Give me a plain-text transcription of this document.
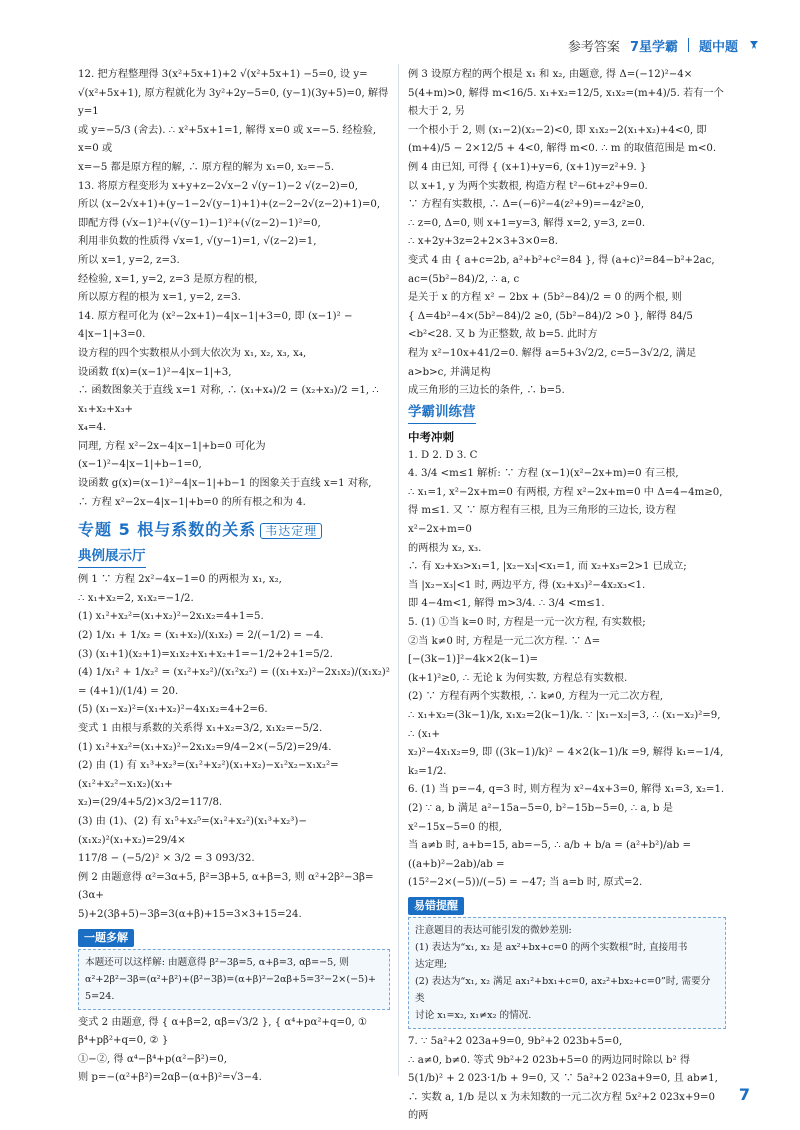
参考答案 7星学霸 题中题

12. 把方程整理得 3(x²+5x+1)+2 √(x²+5x+1) −5=0, 设 y=

√(x²+5x+1), 原方程就化为 3y²+2y−5=0, (y−1)(3y+5)=0, 解得 y=1

或 y=−5/3 (舍去). ∴ x²+5x+1=1, 解得 x=0 或 x=−5. 经检验, x=0 或

x=−5 都是原方程的解, ∴ 原方程的解为 x₁=0, x₂=−5.

13. 将原方程变形为 x+y+z−2√x−2 √(y−1)−2 √(z−2)=0,

所以 (x−2√x+1)+(y−1−2√(y−1)+1)+(z−2−2√(z−2)+1)=0,

即配方得 (√x−1)²+(√(y−1)−1)²+(√(z−2)−1)²=0,

利用非负数的性质得 √x=1, √(y−1)=1, √(z−2)=1,

所以 x=1, y=2, z=3.

经检验, x=1, y=2, z=3 是原方程的根,

所以原方程的根为 x=1, y=2, z=3.

14. 原方程可化为 (x²−2x+1)−4|x−1|+3=0, 即 (x−1)² −

4|x−1|+3=0.

设方程的四个实数根从小到大依次为 x₁, x₂, x₃, x₄,

设函数 f(x)=(x−1)²−4|x−1|+3,

∴ 函数图象关于直线 x=1 对称, ∴ (x₁+x₄)/2 = (x₂+x₃)/2 =1, ∴ x₁+x₂+x₃+

x₄=4.

同理, 方程 x²−2x−4|x−1|+b=0 可化为 (x−1)²−4|x−1|+b−1=0,

设函数 g(x)=(x−1)²−4|x−1|+b−1 的图象关于直线 x=1 对称,

∴ 方程 x²−2x−4|x−1|+b=0 的所有根之和为 4.

专题 5 根与系数的关系 韦达定理
典例展示厅

例 1 ∵ 方程 2x²−4x−1=0 的两根为 x₁, x₂,

∴ x₁+x₂=2, x₁x₂=−1/2.

(1) x₁²+x₂²=(x₁+x₂)²−2x₁x₂=4+1=5.

(2) 1/x₁ + 1/x₂ = (x₁+x₂)/(x₁x₂) = 2/(−1/2) = −4.

(3) (x₁+1)(x₂+1)=x₁x₂+x₁+x₂+1=−1/2+2+1=5/2.

(4) 1/x₁² + 1/x₂² = (x₁²+x₂²)/(x₁²x₂²) = ((x₁+x₂)²−2x₁x₂)/(x₁x₂)² = (4+1)/(1/4) = 20.

(5) (x₁−x₂)²=(x₁+x₂)²−4x₁x₂=4+2=6.

变式 1 由根与系数的关系得 x₁+x₂=3/2, x₁x₂=−5/2.

(1) x₁²+x₂²=(x₁+x₂)²−2x₁x₂=9/4−2×(−5/2)=29/4.

(2) 由 (1) 有 x₁³+x₂³=(x₁²+x₂²)(x₁+x₂)−x₁²x₂−x₁x₂²=(x₁²+x₂²−x₁x₂)(x₁+

x₂)=(29/4+5/2)×3/2=117/8.

(3) 由 (1)、(2) 有 x₁⁵+x₂⁵=(x₁²+x₂²)(x₁³+x₂³)−(x₁x₂)²(x₁+x₂)=29/4×

117/8 − (−5/2)² × 3/2 = 3 093/32.

例 2 由题意得 α²=3α+5, β²=3β+5, α+β=3, 则 α²+2β²−3β=(3α+

5)+2(3β+5)−3β=3(α+β)+15=3×3+15=24.

一题多解

本题还可以这样解: 由题意得 β²−3β=5, α+β=3, αβ=−5, 则

α²+2β²−3β=(α²+β²)+(β²−3β)=(α+β)²−2αβ+5=3²−2×(−5)+

5=24.

变式 2 由题意, 得 { α+β=2, αβ=√3/2 }, { α⁴+pα²+q=0, ① β⁴+pβ²+q=0, ② }

①−②, 得 α⁴−β⁴+p(α²−β²)=0,

则 p=−(α²+β²)=2αβ−(α+β)²=√3−4.

例 3 设原方程的两个根是 x₁ 和 x₂, 由题意, 得 Δ=(−12)²−4×

5(4+m)>0, 解得 m<16/5. x₁+x₂=12/5, x₁x₂=(m+4)/5. 若有一个根大于 2, 另

一个根小于 2, 则 (x₁−2)(x₂−2)<0, 即 x₁x₂−2(x₁+x₂)+4<0, 即

(m+4)/5 − 2×12/5 + 4<0, 解得 m<0. ∴ m 的取值范围是 m<0.

例 4 由已知, 可得 { (x+1)+y=6, (x+1)y=z²+9. }

以 x+1, y 为两个实数根, 构造方程 t²−6t+z²+9=0.

∵ 方程有实数根, ∴ Δ=(−6)²−4(z²+9)=−4z²≥0,

∴ z=0, Δ=0, 则 x+1=y=3, 解得 x=2, y=3, z=0.

∴ x+2y+3z=2+2×3+3×0=8.

变式 4 由 { a+c=2b, a²+b²+c²=84 }, 得 (a+c)²=84−b²+2ac, ac=(5b²−84)/2, ∴ a, c

是关于 x 的方程 x² − 2bx + (5b²−84)/2 = 0 的两个根, 则

{ Δ=4b²−4×(5b²−84)/2 ≥0, (5b²−84)/2 >0 }, 解得 84/5 <b²<28. 又 b 为正整数, 故 b=5. 此时方

程为 x²−10x+41/2=0. 解得 a=5+3√2/2, c=5−3√2/2, 满足 a>b>c, 并满足构

成三角形的三边长的条件, ∴ b=5.

学霸训练营
中考冲刺

1. D 2. D 3. C

4. 3/4 <m≤1 解析: ∵ 方程 (x−1)(x²−2x+m)=0 有三根,

∴ x₁=1, x²−2x+m=0 有两根, 方程 x²−2x+m=0 中 Δ=4−4m≥0,

得 m≤1. 又 ∵ 原方程有三根, 且为三角形的三边长, 设方程 x²−2x+m=0

的两根为 x₂, x₃.

∴ 有 x₂+x₃>x₁=1, |x₂−x₃|<x₁=1, 而 x₂+x₃=2>1 已成立;

当 |x₂−x₃|<1 时, 两边平方, 得 (x₂+x₃)²−4x₂x₃<1.

即 4−4m<1, 解得 m>3/4. ∴ 3/4 <m≤1.

5. (1) ①当 k=0 时, 方程是一元一次方程, 有实数根;

②当 k≠0 时, 方程是一元二次方程. ∵ Δ=[−(3k−1)]²−4k×2(k−1)=

(k+1)²≥0, ∴ 无论 k 为何实数, 方程总有实数根.

(2) ∵ 方程有两个实数根, ∴ k≠0, 方程为一元二次方程,

∴ x₁+x₂=(3k−1)/k, x₁x₂=2(k−1)/k. ∵ |x₁−x₂|=3, ∴ (x₁−x₂)²=9, ∴ (x₁+

x₂)²−4x₁x₂=9, 即 ((3k−1)/k)² − 4×2(k−1)/k =9, 解得 k₁=−1/4, k₂=1/2.

6. (1) 当 p=−4, q=3 时, 则方程为 x²−4x+3=0, 解得 x₁=3, x₂=1.

(2) ∵ a, b 满足 a²−15a−5=0, b²−15b−5=0, ∴ a, b 是 x²−15x−5=0 的根,

当 a≠b 时, a+b=15, ab=−5, ∴ a/b + b/a = (a²+b²)/ab = ((a+b)²−2ab)/ab =

(15²−2×(−5))/(−5) = −47; 当 a=b 时, 原式=2.

易错提醒

注意题目的表达可能引发的微妙差别:

(1) 表达为“x₁, x₂ 是 ax²+bx+c=0 的两个实数根”时, 直接用书

达定理;

(2) 表达为“x₁, x₂ 满足 ax₁²+bx₁+c=0, ax₂²+bx₂+c=0”时, 需要分类

讨论 x₁=x₂, x₁≠x₂ 的情况.

7. ∵ 5a²+2 023a+9=0, 9b²+2 023b+5=0,

∴ a≠0, b≠0. 等式 9b²+2 023b+5=0 的两边同时除以 b² 得

5(1/b)² + 2 023·1/b + 9=0, 又 ∵ 5a²+2 023a+9=0, 且 ab≠1,

∴ 实数 a, 1/b 是以 x 为未知数的一元二次方程 5x²+2 023x+9=0 的两

7
